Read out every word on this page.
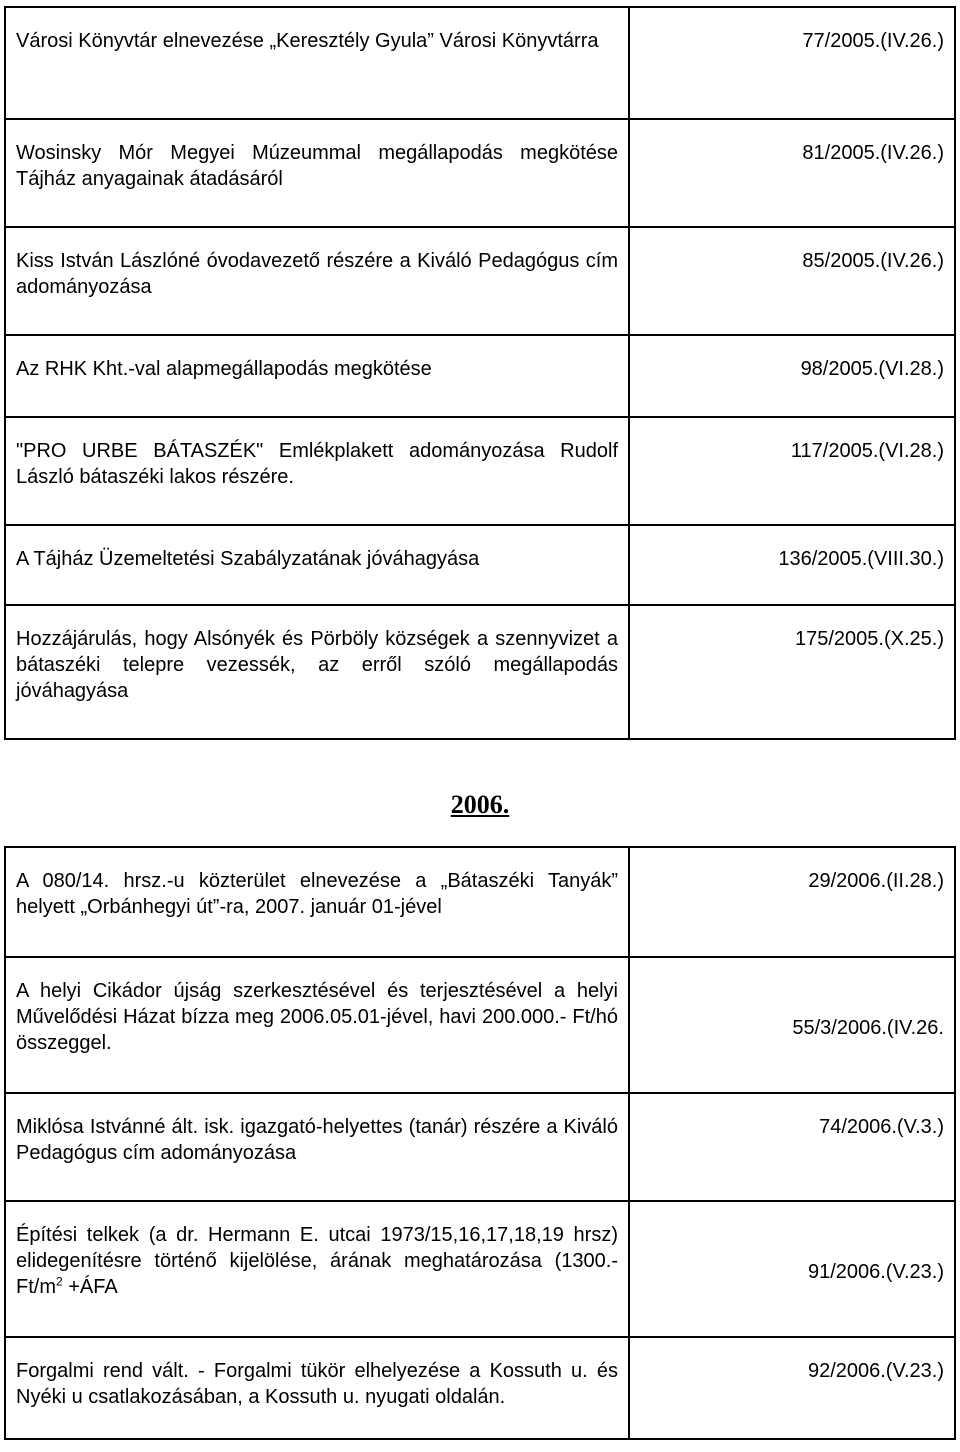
Városi Könyvtár elnevezése „Keresztély Gyula” Városi Könyvtárra	77/2005.(IV.26.)
Wosinsky Mór Megyei Múzeummal megállapodás megkötése Tájház anyagainak átadásáról	81/2005.(IV.26.)
Kiss István Lászlóné óvodavezető részére a Kiváló Pedagógus cím adományozása	85/2005.(IV.26.)
Az RHK Kht.-val alapmegállapodás megkötése	98/2005.(VI.28.)
"PRO URBE BÁTASZÉK" Emlékplakett adományozása Rudolf László bátaszéki lakos részére.	117/2005.(VI.28.)
A Tájház Üzemeltetési Szabályzatának jóváhagyása	136/2005.(VIII.30.)
Hozzájárulás, hogy Alsónyék és Pörböly községek a szennyvizet a bátaszéki telepre vezessék, az erről szóló megállapodás jóváhagyása	175/2005.(X.25.)
2006.
A 080/14. hrsz.-u közterület elnevezése a „Bátaszéki Tanyák” helyett „Orbánhegyi út”-ra, 2007. január 01-jével	29/2006.(II.28.)
A helyi Cikádor újság szerkesztésével és terjesztésével a helyi Művelődési Házat bízza meg 2006.05.01-jével, havi 200.000.- Ft/hó összeggel.	55/3/2006.(IV.26.
Miklósa Istvánné ált. isk. igazgató-helyettes (tanár) részére a Kiváló Pedagógus cím adományozása	74/2006.(V.3.)
Építési telkek (a dr. Hermann E. utcai 1973/15,16,17,18,19 hrsz) elidegenítésre történő kijelölése, árának meghatározása (1300.- $Ft/m^2$ +ÁFA	91/2006.(V.23.)
Forgalmi rend vált. - Forgalmi tükör elhelyezése a Kossuth u. és Nyéki u csatlakozásában, a Kossuth u. nyugati oldalán.	92/2006.(V.23.)
